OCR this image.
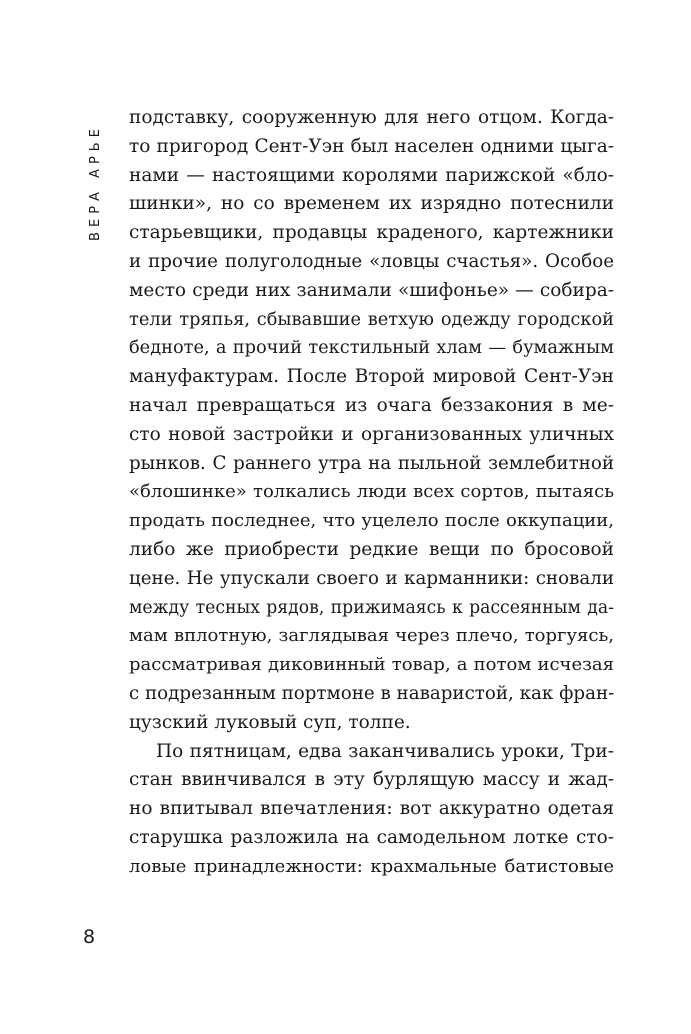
ВЕРА АРЬЕ
подставку, сооруженную для него отцом. Когда-
то пригород Сент-Уэн был населен одними цыга-
нами — настоящими королями парижской «бло-
шинки», но со временем их изрядно потеснили
старьевщики, продавцы краденого, картежники
и прочие полуголодные «ловцы счастья». Особое
место среди них занимали «шифонье» — собира-
тели тряпья, сбывавшие ветхую одежду городской
бедноте, а прочий текстильный хлам — бумажным
мануфактурам. После Второй мировой Сент-Уэн
начал превращаться из очага беззакония в ме-
сто новой застройки и организованных уличных
рынков. С раннего утра на пыльной землебитной
«блошинке» толкались люди всех сортов, пытаясь
продать последнее, что уцелело после оккупации,
либо же приобрести редкие вещи по бросовой
цене. Не упускали своего и карманники: сновали
между тесных рядов, прижимаясь к рассеянным да-
мам вплотную, заглядывая через плечо, торгуясь,
рассматривая диковинный товар, а потом исчезая
с подрезанным портмоне в наваристой, как фран-
цузский луковый суп, толпе.
По пятницам, едва заканчивались уроки, Три-
стан ввинчивался в эту бурлящую массу и жад-
но впитывал впечатления: вот аккуратно одетая
старушка разложила на самодельном лотке сто-
ловые принадлежности: крахмальные батистовые
8
